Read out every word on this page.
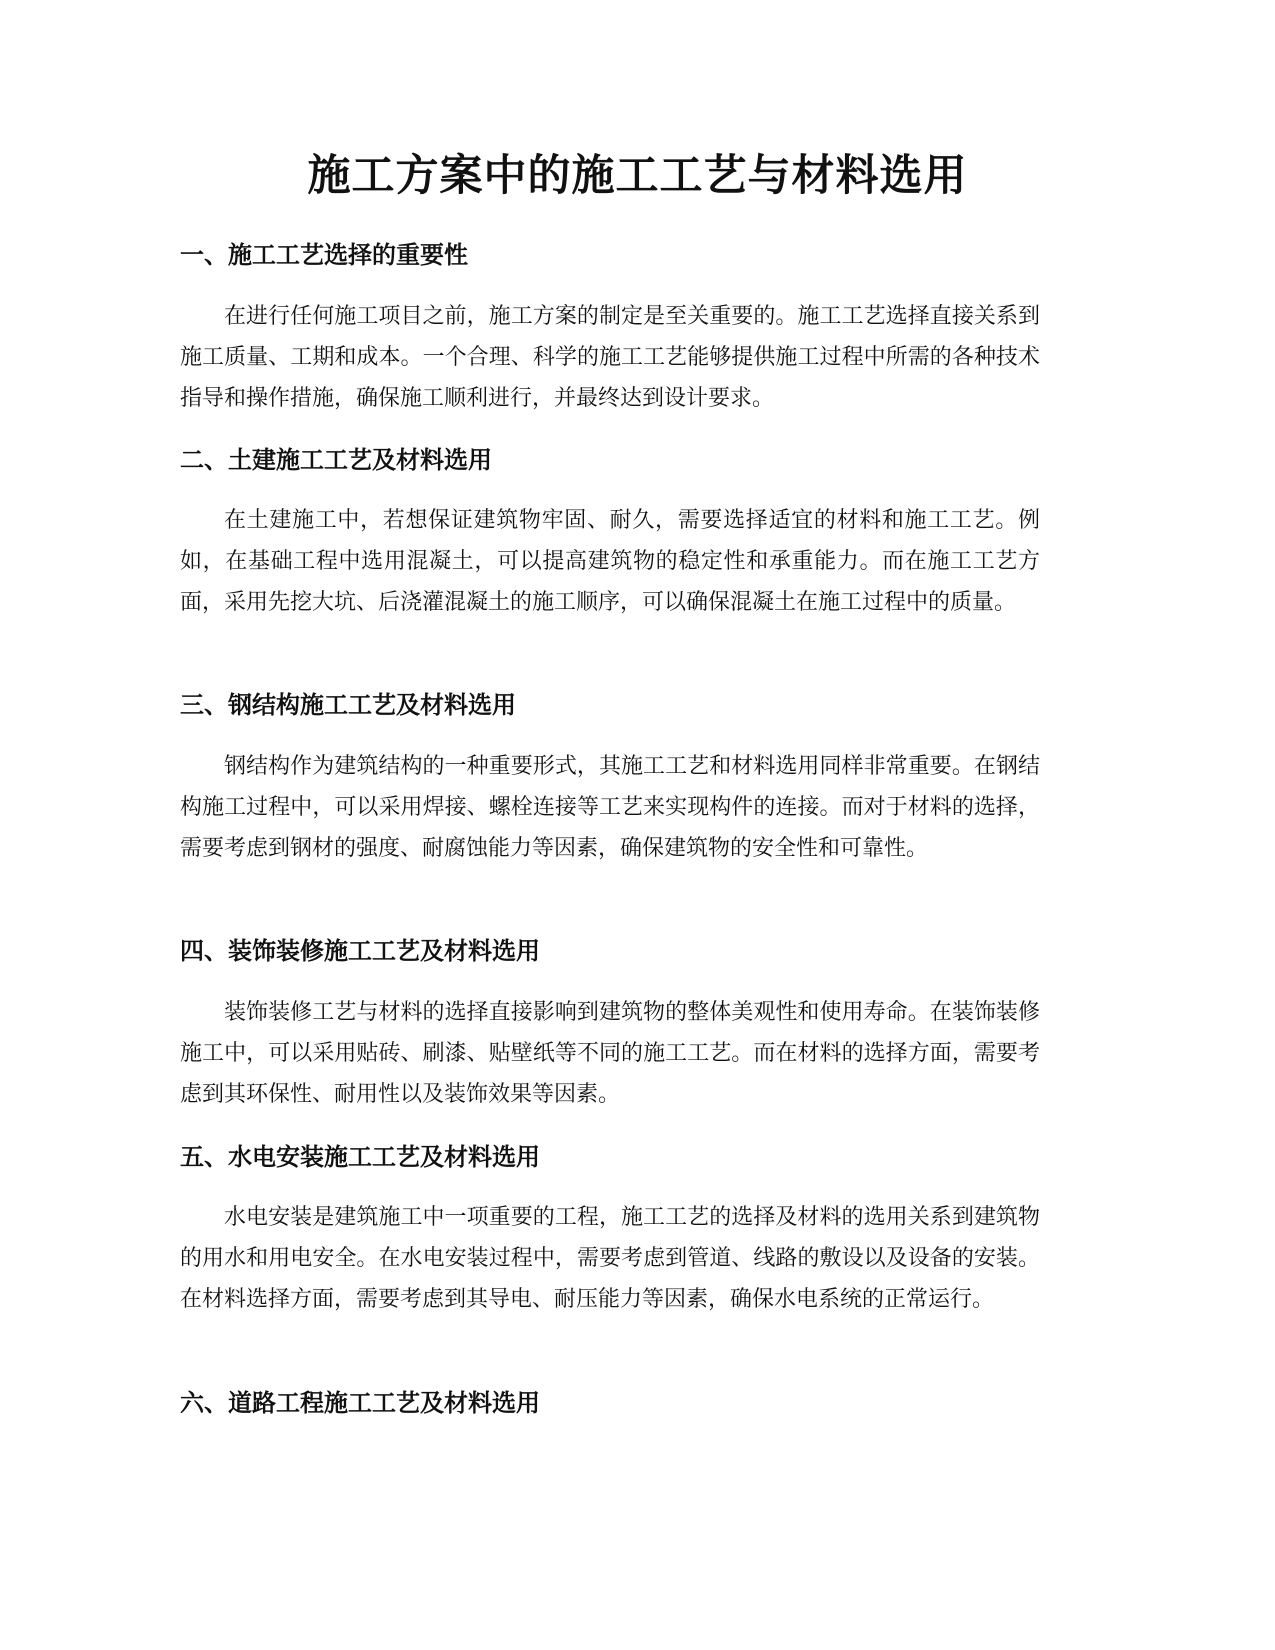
施工方案中的施工工艺与材料选用
一、施工工艺选择的重要性

在进行任何施工项目之前，施工方案的制定是至关重要的。施工工艺选择直接关系到施工质量、工期和成本。一个合理、科学的施工工艺能够提供施工过程中所需的各种技术指导和操作措施，确保施工顺利进行，并最终达到设计要求。

二、土建施工工艺及材料选用

在土建施工中，若想保证建筑物牢固、耐久，需要选择适宜的材料和施工工艺。例如，在基础工程中选用混凝土，可以提高建筑物的稳定性和承重能力。而在施工工艺方面，采用先挖大坑、后浇灌混凝土的施工顺序，可以确保混凝土在施工过程中的质量。

三、钢结构施工工艺及材料选用

钢结构作为建筑结构的一种重要形式，其施工工艺和材料选用同样非常重要。在钢结构施工过程中，可以采用焊接、螺栓连接等工艺来实现构件的连接。而对于材料的选择，需要考虑到钢材的强度、耐腐蚀能力等因素，确保建筑物的安全性和可靠性。

四、装饰装修施工工艺及材料选用

装饰装修工艺与材料的选择直接影响到建筑物的整体美观性和使用寿命。在装饰装修施工中，可以采用贴砖、刷漆、贴壁纸等不同的施工工艺。而在材料的选择方面，需要考虑到其环保性、耐用性以及装饰效果等因素。

五、水电安装施工工艺及材料选用

水电安装是建筑施工中一项重要的工程，施工工艺的选择及材料的选用关系到建筑物的用水和用电安全。在水电安装过程中，需要考虑到管道、线路的敷设以及设备的安装。在材料选择方面，需要考虑到其导电、耐压能力等因素，确保水电系统的正常运行。

六、道路工程施工工艺及材料选用
